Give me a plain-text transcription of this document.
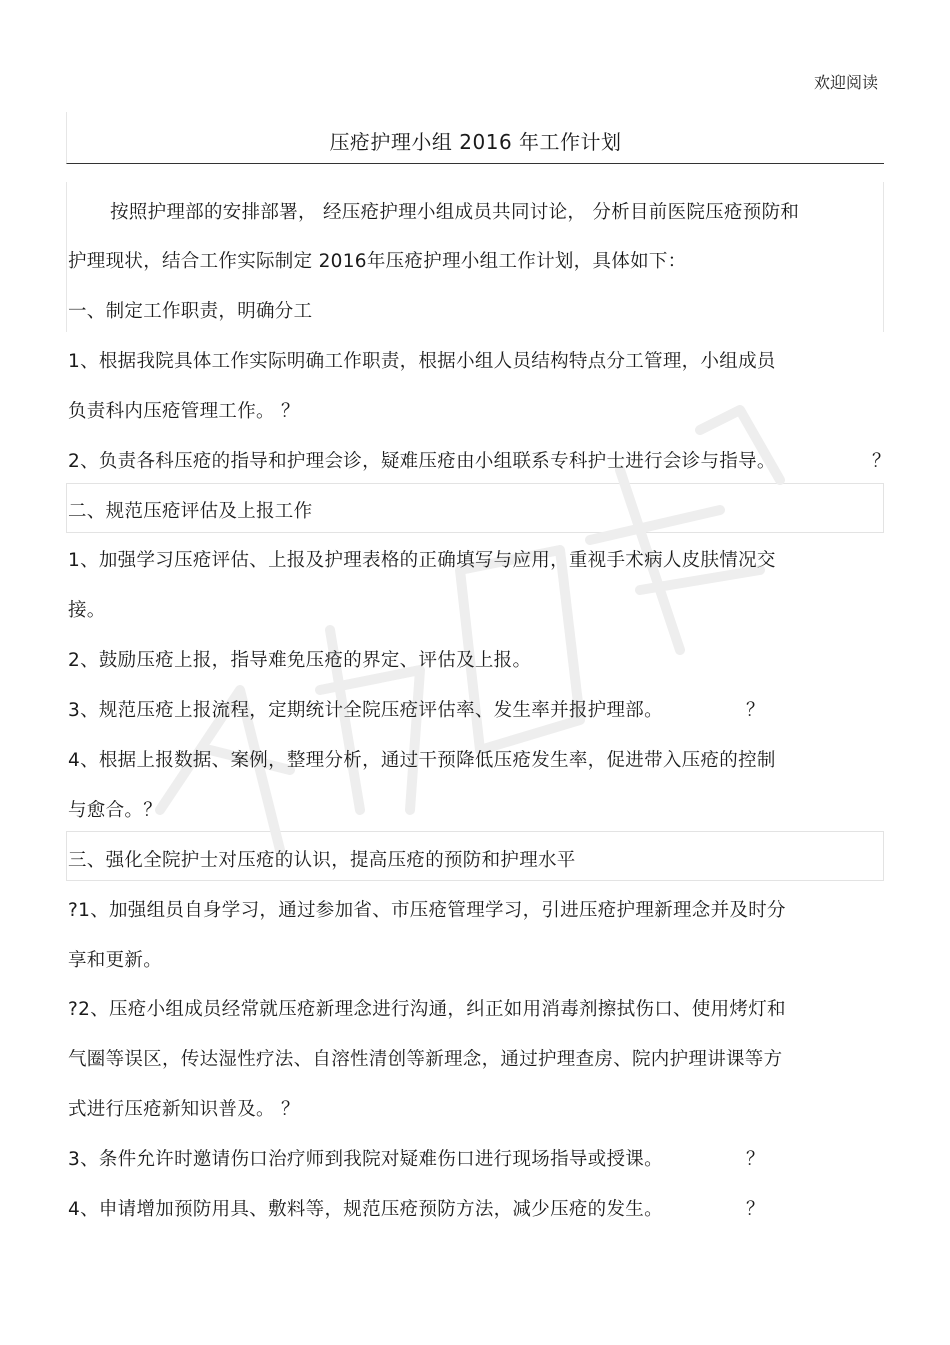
欢迎阅读
压疮护理小组 2016 年工作计划
按照护理部的安排部署， 经压疮护理小组成员共同讨论， 分析目前医院压疮预防和
护理现状，结合工作实际制定 2016年压疮护理小组工作计划，具体如下：
一、制定工作职责，明确分工
1、根据我院具体工作实际明确工作职责，根据小组人员结构特点分工管理，小组成员
负责科内压疮管理工作。 ？
2、负责各科压疮的指导和护理会诊，疑难压疮由小组联系专科护士进行会诊与指导。	？
二、规范压疮评估及上报工作
1、加强学习压疮评估、上报及护理表格的正确填写与应用，重视手术病人皮肤情况交
接。
2、鼓励压疮上报，指导难免压疮的界定、评估及上报。
3、规范压疮上报流程，定期统计全院压疮评估率、发生率并报护理部。	？
4、根据上报数据、案例，整理分析，通过干预降低压疮发生率，促进带入压疮的控制
与愈合。？
三、强化全院护士对压疮的认识，提高压疮的预防和护理水平
?1、加强组员自身学习，通过参加省、市压疮管理学习，引进压疮护理新理念并及时分
享和更新。
?2、压疮小组成员经常就压疮新理念进行沟通，纠正如用消毒剂擦拭伤口、使用烤灯和
气圈等误区，传达湿性疗法、自溶性清创等新理念，通过护理查房、院内护理讲课等方
式进行压疮新知识普及。 ？
3、条件允许时邀请伤口治疗师到我院对疑难伤口进行现场指导或授课。	？
4、申请增加预防用具、敷料等，规范压疮预防方法，减少压疮的发生。	？
